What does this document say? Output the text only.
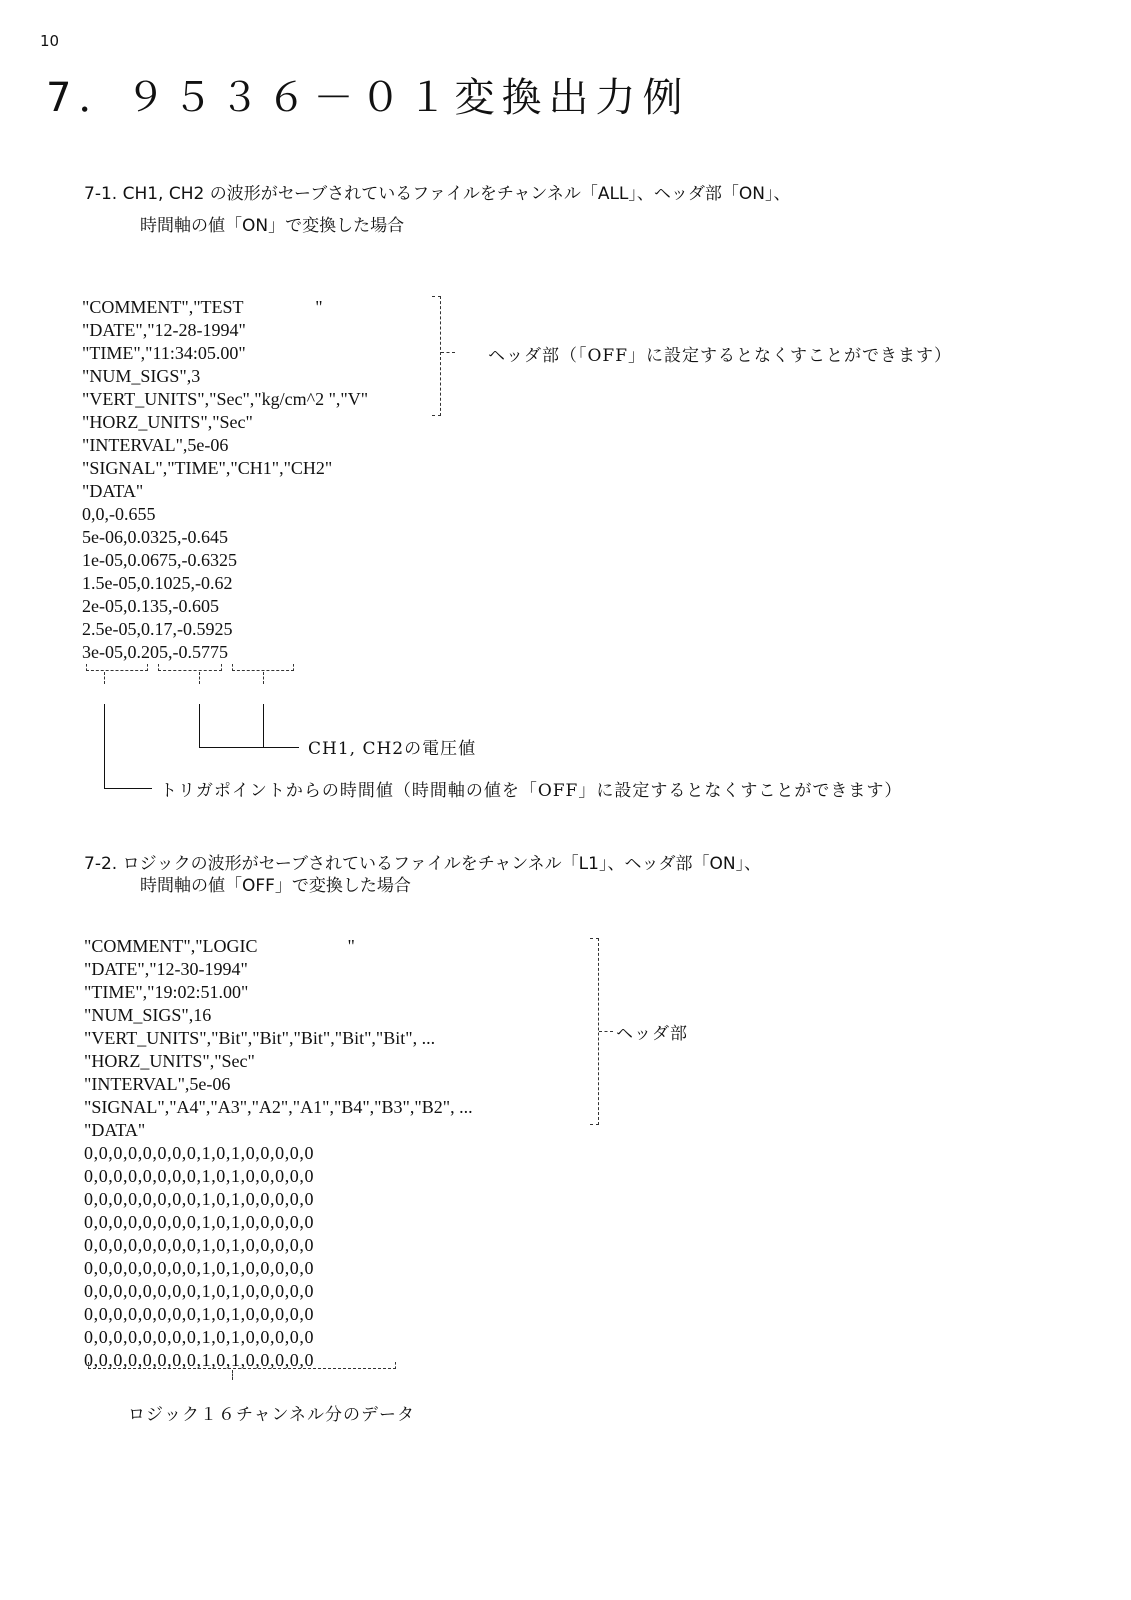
10
7．９５３６－０１変換出力例
7-1. CH1, CH2 の波形がセーブされているファイルをチャンネル「ALL」、ヘッダ部「ON」、
時間軸の値「ON」で変換した場合
"COMMENT","TEST                "
"DATE","12-28-1994"
"TIME","11:34:05.00"
"NUM_SIGS",3
"VERT_UNITS","Sec","kg/cm^2 ","V"
"HORZ_UNITS","Sec"
"INTERVAL",5e-06
"SIGNAL","TIME","CH1","CH2"
"DATA"
0,0,-0.655
5e-06,0.0325,-0.645
1e-05,0.0675,-0.6325
1.5e-05,0.1025,-0.62
2e-05,0.135,-0.605
2.5e-05,0.17,-0.5925
3e-05,0.205,-0.5775
ヘッダ部（「OFF」に設定するとなくすことができます）
CH1, CH2の電圧値
トリガポイントからの時間値（時間軸の値を「OFF」に設定するとなくすことができます）
7-2. ロジックの波形がセーブされているファイルをチャンネル「L1」、ヘッダ部「ON」、
時間軸の値「OFF」で変換した場合
"COMMENT","LOGIC                    "
"DATE","12-30-1994"
"TIME","19:02:51.00"
"NUM_SIGS",16
"VERT_UNITS","Bit","Bit","Bit","Bit","Bit", ...
"HORZ_UNITS","Sec"
"INTERVAL",5e-06
"SIGNAL","A4","A3","A2","A1","B4","B3","B2", ...
"DATA"
0,0,0,0,0,0,0,0,1,0,1,0,0,0,0,0
0,0,0,0,0,0,0,0,1,0,1,0,0,0,0,0
0,0,0,0,0,0,0,0,1,0,1,0,0,0,0,0
0,0,0,0,0,0,0,0,1,0,1,0,0,0,0,0
0,0,0,0,0,0,0,0,1,0,1,0,0,0,0,0
0,0,0,0,0,0,0,0,1,0,1,0,0,0,0,0
0,0,0,0,0,0,0,0,1,0,1,0,0,0,0,0
0,0,0,0,0,0,0,0,1,0,1,0,0,0,0,0
0,0,0,0,0,0,0,0,1,0,1,0,0,0,0,0
0,0,0,0,0,0,0,0,1,0,1,0,0,0,0,0
ヘッダ部
ロジック１６チャンネル分のデータ
